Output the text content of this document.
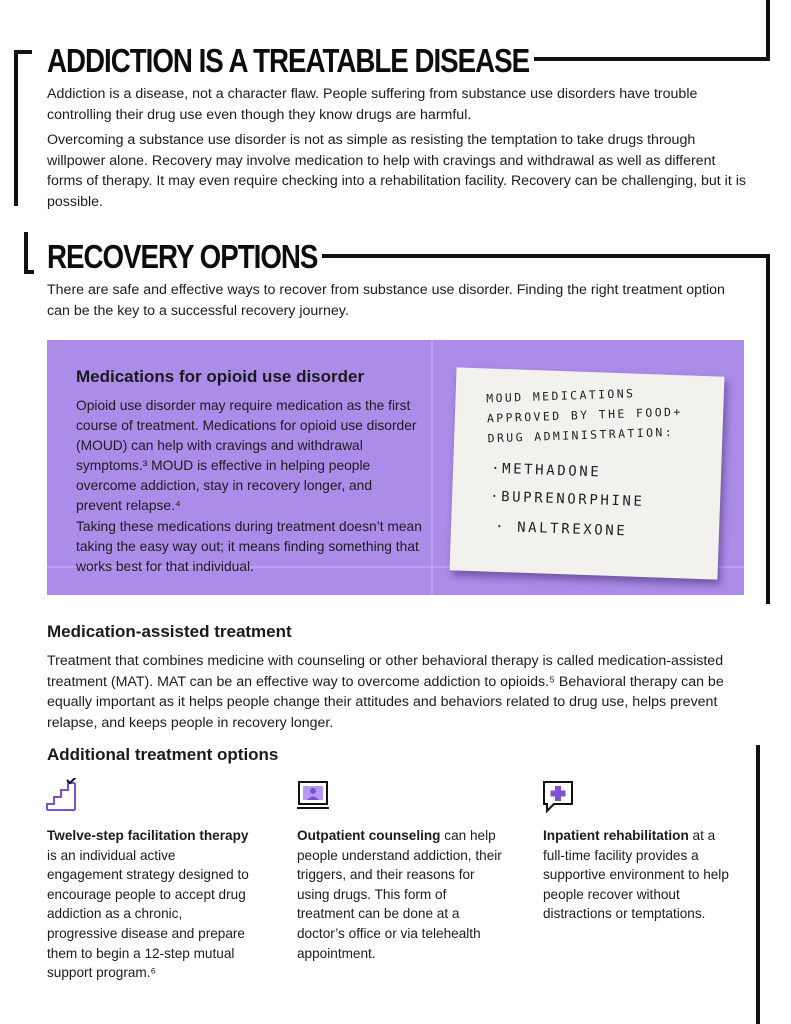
ADDICTION IS A TREATABLE DISEASE

Addiction is a disease, not a character flaw. People suffering from substance use disorders have trouble controlling their drug use even though they know drugs are harmful.

Overcoming a substance use disorder is not as simple as resisting the temptation to take drugs through willpower alone. Recovery may involve medication to help with cravings and withdrawal as well as different forms of therapy. It may even require checking into a rehabilitation facility. Recovery can be challenging, but it is possible.

RECOVERY OPTIONS

There are safe and effective ways to recover from substance use disorder. Finding the right treatment option can be the key to a successful recovery journey.

Medications for opioid use disorder

Opioid use disorder may require medication as the first course of treatment. Medications for opioid use disorder (MOUD) can help with cravings and withdrawal symptoms.³ MOUD is effective in helping people overcome addiction, stay in recovery longer, and prevent relapse.⁴

Taking these medications during treatment doesn’t mean taking the easy way out; it means finding something that works best for that individual.

MOUD MEDICATIONS APPROVED BY THE FOOD+ DRUG ADMINISTRATION:
·METHADONE
·BUPRENORPHINE
· NALTREXONE
Medication-assisted treatment

Treatment that combines medicine with counseling or other behavioral therapy is called medication-assisted treatment (MAT). MAT can be an effective way to overcome addiction to opioids.⁵ Behavioral therapy can be equally important as it helps people change their attitudes and behaviors related to drug use, helps prevent relapse, and keeps people in recovery longer.

Additional treatment options

Twelve-step facilitation therapy is an individual active engagement strategy designed to encourage people to accept drug addiction as a chronic, progressive disease and prepare them to begin a 12-step mutual support program.⁶

Outpatient counseling can help people understand addiction, their triggers, and their reasons for using drugs. This form of treatment can be done at a doctor’s office or via telehealth appointment.

Inpatient rehabilitation at a full-time facility provides a supportive environment to help people recover without distractions or temptations.
